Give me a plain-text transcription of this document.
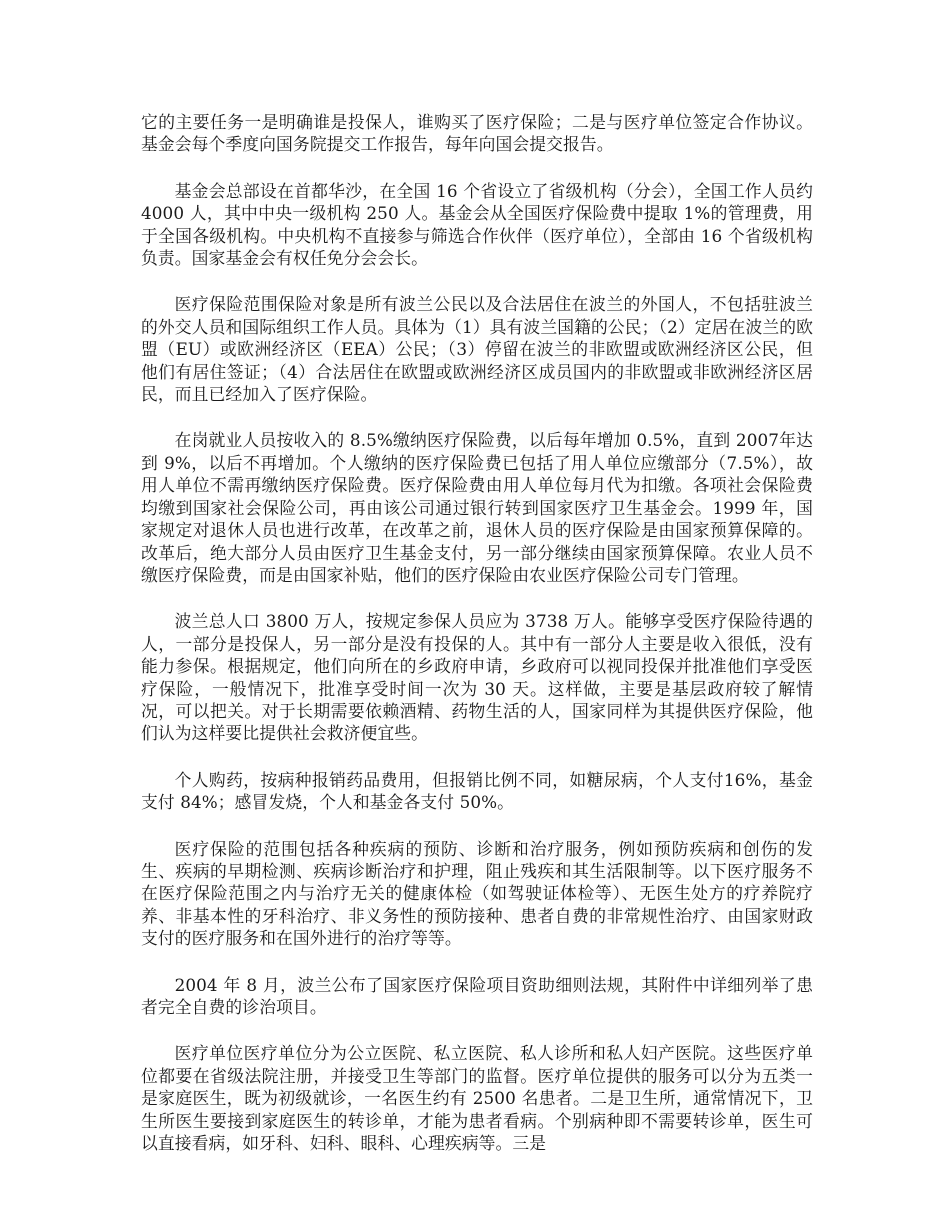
它的主要任务一是明确谁是投保人，谁购买了医疗保险；二是与医疗单位签定合作协议。基金会每个季度向国务院提交工作报告，每年向国会提交报告。

基金会总部设在首都华沙，在全国 16 个省设立了省级机构（分会），全国工作人员约 4000 人，其中中央一级机构 250 人。基金会从全国医疗保险费中提取 1%的管理费，用于全国各级机构。中央机构不直接参与筛选合作伙伴（医疗单位），全部由 16 个省级机构负责。国家基金会有权任免分会会长。

医疗保险范围保险对象是所有波兰公民以及合法居住在波兰的外国人，不包括驻波兰的外交人员和国际组织工作人员。具体为（1）具有波兰国籍的公民；（2）定居在波兰的欧盟（EU）或欧洲经济区（EEA）公民；（3）停留在波兰的非欧盟或欧洲经济区公民，但他们有居住签证；（4）合法居住在欧盟或欧洲经济区成员国内的非欧盟或非欧洲经济区居民，而且已经加入了医疗保险。

在岗就业人员按收入的 8.5%缴纳医疗保险费，以后每年增加 0.5%，直到 2007年达到 9%，以后不再增加。个人缴纳的医疗保险费已包括了用人单位应缴部分（7.5%），故用人单位不需再缴纳医疗保险费。医疗保险费由用人单位每月代为扣缴。各项社会保险费均缴到国家社会保险公司，再由该公司通过银行转到国家医疗卫生基金会。1999 年，国家规定对退休人员也进行改革，在改革之前，退休人员的医疗保险是由国家预算保障的。改革后，绝大部分人员由医疗卫生基金支付，另一部分继续由国家预算保障。农业人员不缴医疗保险费，而是由国家补贴，他们的医疗保险由农业医疗保险公司专门管理。

波兰总人口 3800 万人，按规定参保人员应为 3738 万人。能够享受医疗保险待遇的人，一部分是投保人，另一部分是没有投保的人。其中有一部分人主要是收入很低，没有能力参保。根据规定，他们向所在的乡政府申请，乡政府可以视同投保并批准他们享受医疗保险，一般情况下，批准享受时间一次为 30 天。这样做，主要是基层政府较了解情况，可以把关。对于长期需要依赖酒精、药物生活的人，国家同样为其提供医疗保险，他们认为这样要比提供社会救济便宜些。

个人购药，按病种报销药品费用，但报销比例不同，如糖尿病，个人支付16%，基金支付 84%；感冒发烧，个人和基金各支付 50%。

医疗保险的范围包括各种疾病的预防、诊断和治疗服务，例如预防疾病和创伤的发生、疾病的早期检测、疾病诊断治疗和护理，阻止残疾和其生活限制等。以下医疗服务不在医疗保险范围之内与治疗无关的健康体检（如驾驶证体检等）、无医生处方的疗养院疗养、非基本性的牙科治疗、非义务性的预防接种、患者自费的非常规性治疗、由国家财政支付的医疗服务和在国外进行的治疗等等。

2004 年 8 月，波兰公布了国家医疗保险项目资助细则法规，其附件中详细列举了患者完全自费的诊治项目。

医疗单位医疗单位分为公立医院、私立医院、私人诊所和私人妇产医院。这些医疗单位都要在省级法院注册，并接受卫生等部门的监督。医疗单位提供的服务可以分为五类一是家庭医生，既为初级就诊，一名医生约有 2500 名患者。二是卫生所，通常情况下，卫生所医生要接到家庭医生的转诊单，才能为患者看病。个别病种即不需要转诊单，医生可以直接看病，如牙科、妇科、眼科、心理疾病等。三是
